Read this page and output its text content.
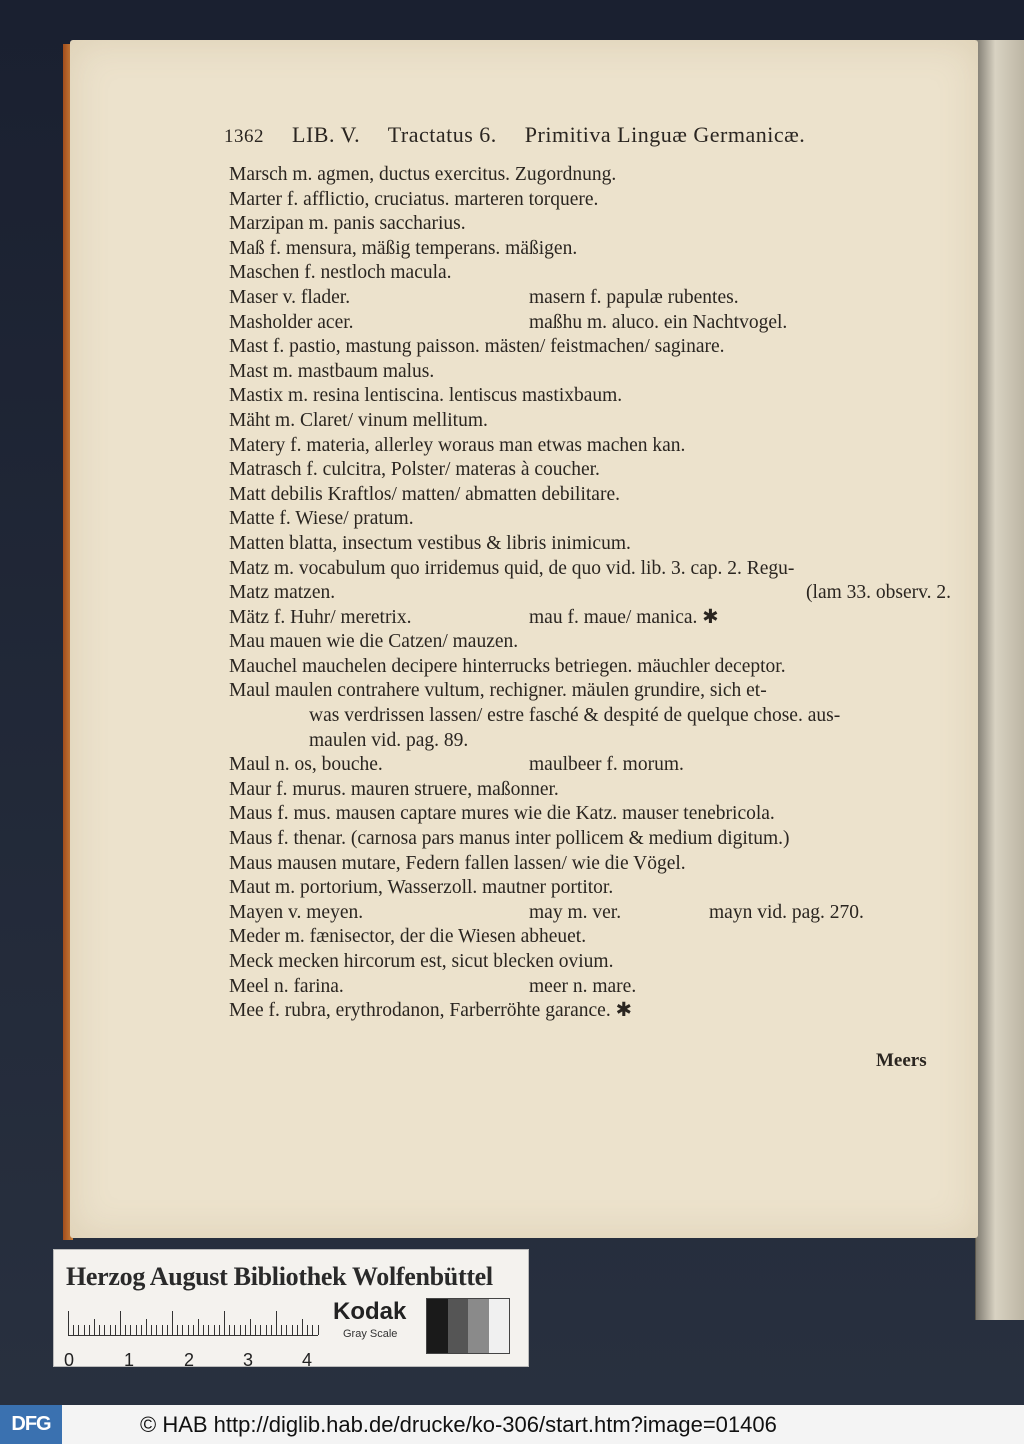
1362 LIB. V. Tractatus 6. Primitiva Linguæ Germanicæ.
Marsch m. agmen, ductus exercitus. Zugordnung.
Marter f. afflictio, cruciatus. marteren torquere.
Marzipan m. panis saccharius.
Maß f. mensura, mäßig temperans. mäßigen.
Maschen f. nestloch macula.
Maser v. flader.	masern f. papulæ rubentes.
Masholder acer.	maßhu m. aluco. ein Nachtvogel.
Mast f. pastio, mastung paisson. mästen/ feistmachen/ saginare.
Mast m. mastbaum malus.
Mastix m. resina lentiscina. lentiscus mastixbaum.
Mäht m. Claret/ vinum mellitum.
Matery f. materia, allerley woraus man etwas machen kan.
Matrasch f. culcitra, Polster/ materas à coucher.
Matt debilis Kraftlos/ matten/ abmatten debilitare.
Matte f. Wiese/ pratum.
Matten blatta, insectum vestibus & libris inimicum.
Matz m. vocabulum quo irridemus quid, de quo vid. lib. 3. cap. 2. Regu-
Matz matzen.	(lam 33. observ. 2.
Mätz f. Huhr/ meretrix.	mau f. maue/ manica. ✱
Mau mauen wie die Catzen/ mauzen.
Mauchel mauchelen decipere hinterrucks betriegen. mäuchler deceptor.
Maul maulen contrahere vultum, rechigner. mäulen grundire, sich et-
was verdrissen lassen/ estre fasché & despité de quelque chose. aus-
maulen vid. pag. 89.
Maul n. os, bouche.	maulbeer f. morum.
Maur f. murus. mauren struere, maßonner.
Maus f. mus. mausen captare mures wie die Katz. mauser tenebricola.
Maus f. thenar. (carnosa pars manus inter pollicem & medium digitum.)
Maus mausen mutare, Federn fallen lassen/ wie die Vögel.
Maut m. portorium, Wasserzoll. mautner portitor.
Mayen v. meyen.	may m. ver.	mayn vid. pag. 270.
Meder m. fænisector, der die Wiesen abheuet.
Meck mecken hircorum est, sicut blecken ovium.
Meel n. farina.	meer n. mare.
Mee f. rubra, erythrodanon, Farberröhte garance. ✱
Meers
Herzog August Bibliothek Wolfenbüttel
Kodak
Gray Scale
0	1	2	3	4
DFG	© HAB http://diglib.hab.de/drucke/ko-306/start.htm?image=01406
